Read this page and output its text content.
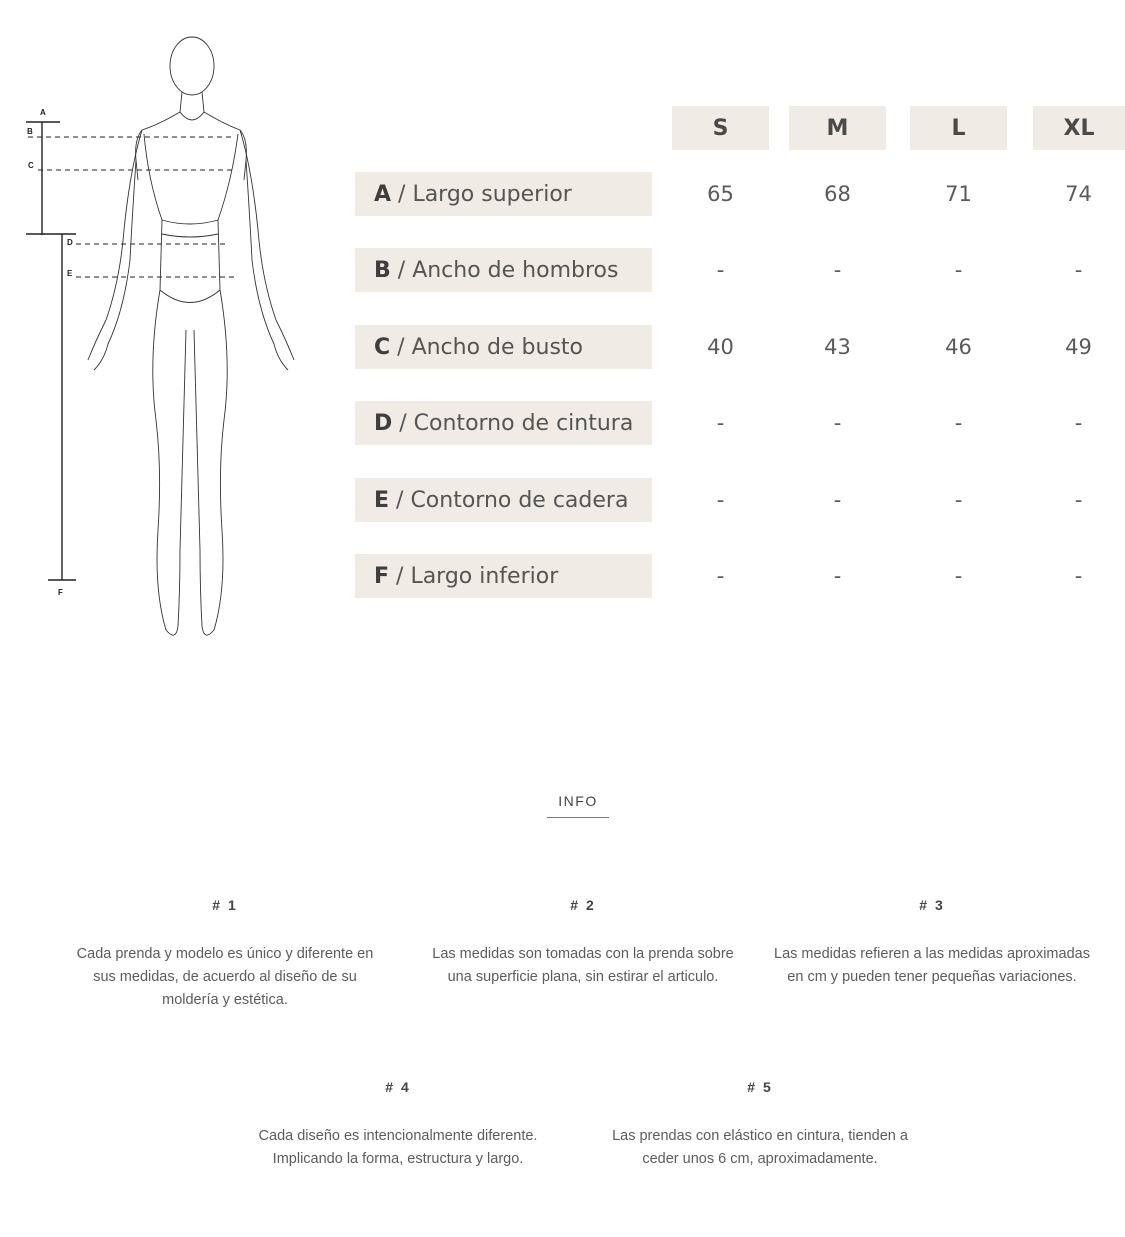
A
B
C
D
E
F
S	M	L	XL
A / Largo superior	65	68	71	74
B / Ancho de hombros	-	-	-	-
C / Ancho de busto	40	43	46	49
D / Contorno de cintura	-	-	-	-
E / Contorno de cadera	-	-	-	-
F / Largo inferior	-	-	-	-
INFO
# 1
Cada prenda y modelo es único y diferente en sus medidas, de acuerdo al diseño de su moldería y estética.
# 2
Las medidas son tomadas con la prenda sobre una superficie plana, sin estirar el articulo.
# 3
Las medidas refieren a las medidas aproximadas en cm y pueden tener pequeñas variaciones.
# 4
Cada diseño es intencionalmente diferente. Implicando la forma, estructura y largo.
# 5
Las prendas con elástico en cintura, tienden a ceder unos 6 cm, aproximadamente.
